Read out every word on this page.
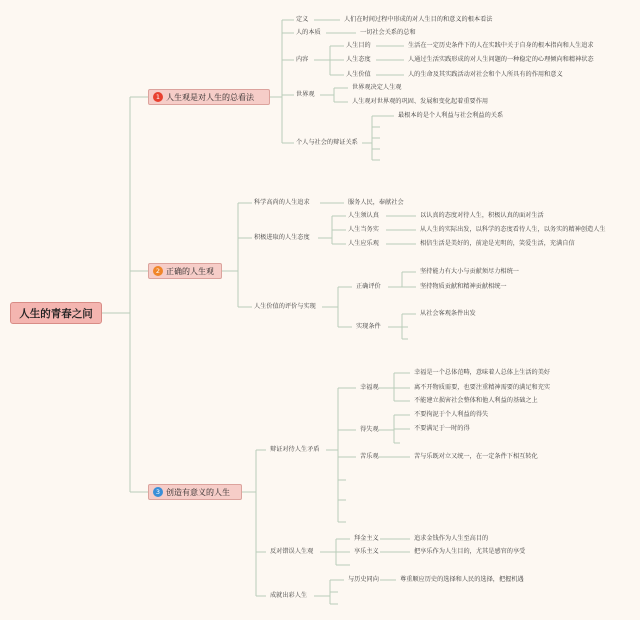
人生的青春之问
1 人生观是对人生的总看法
定义	人们在时间过程中形成的对人生目的和意义的根本看法
人的本质	一切社会关系的总和
内容
人生目的	生活在一定历史条件下的人在实践中关于自身的根本指向和人生追求
人生态度	人通过生活实践形成的对人生问题的一种稳定的心理倾向和精神状态
人生价值	人的生命及其实践活动对社会和个人所具有的作用和意义
世界观
世界观决定人生观
人生观对世界观的巩固、发展和变化起着重要作用
个人与社会的辩证关系
最根本的是个人利益与社会利益的关系
2 正确的人生观
科学高尚的人生追求	服务人民，奉献社会
积极进取的人生态度
人生须认真	以认真的态度对待人生，积极认真的面对生活
人生当务实	从人生的实际出发，以科学的态度看待人生，以务实的精神创造人生
人生应乐观	相信生活是美好的，前途是光明的，笑爱生活，充满自信
人生价值的评价与实现
正确评价
坚持能力有大小与贡献须尽力相统一
坚持物质贡献和精神贡献相统一
实现条件
从社会客观条件出发
3 创造有意义的人生
辩证对待人生矛盾
幸福观
幸福是一个总体范畴，意味着人总体上生活的美好
离不开物质需要，也要注重精神需要的满足和充实
不能建立损害社会整体和他人利益的基础之上
得失观
不要拘泥于个人利益的得失
不要满足于一时的得
苦乐观	苦与乐既对立又统一，在一定条件下相互转化
反对错误人生观
拜金主义	追求金钱作为人生至高目的
享乐主义	把享乐作为人生目的，尤其是感官的享受
成就出彩人生
与历史同向	尊重顺应历史的选择和人民的选择，把握机遇
